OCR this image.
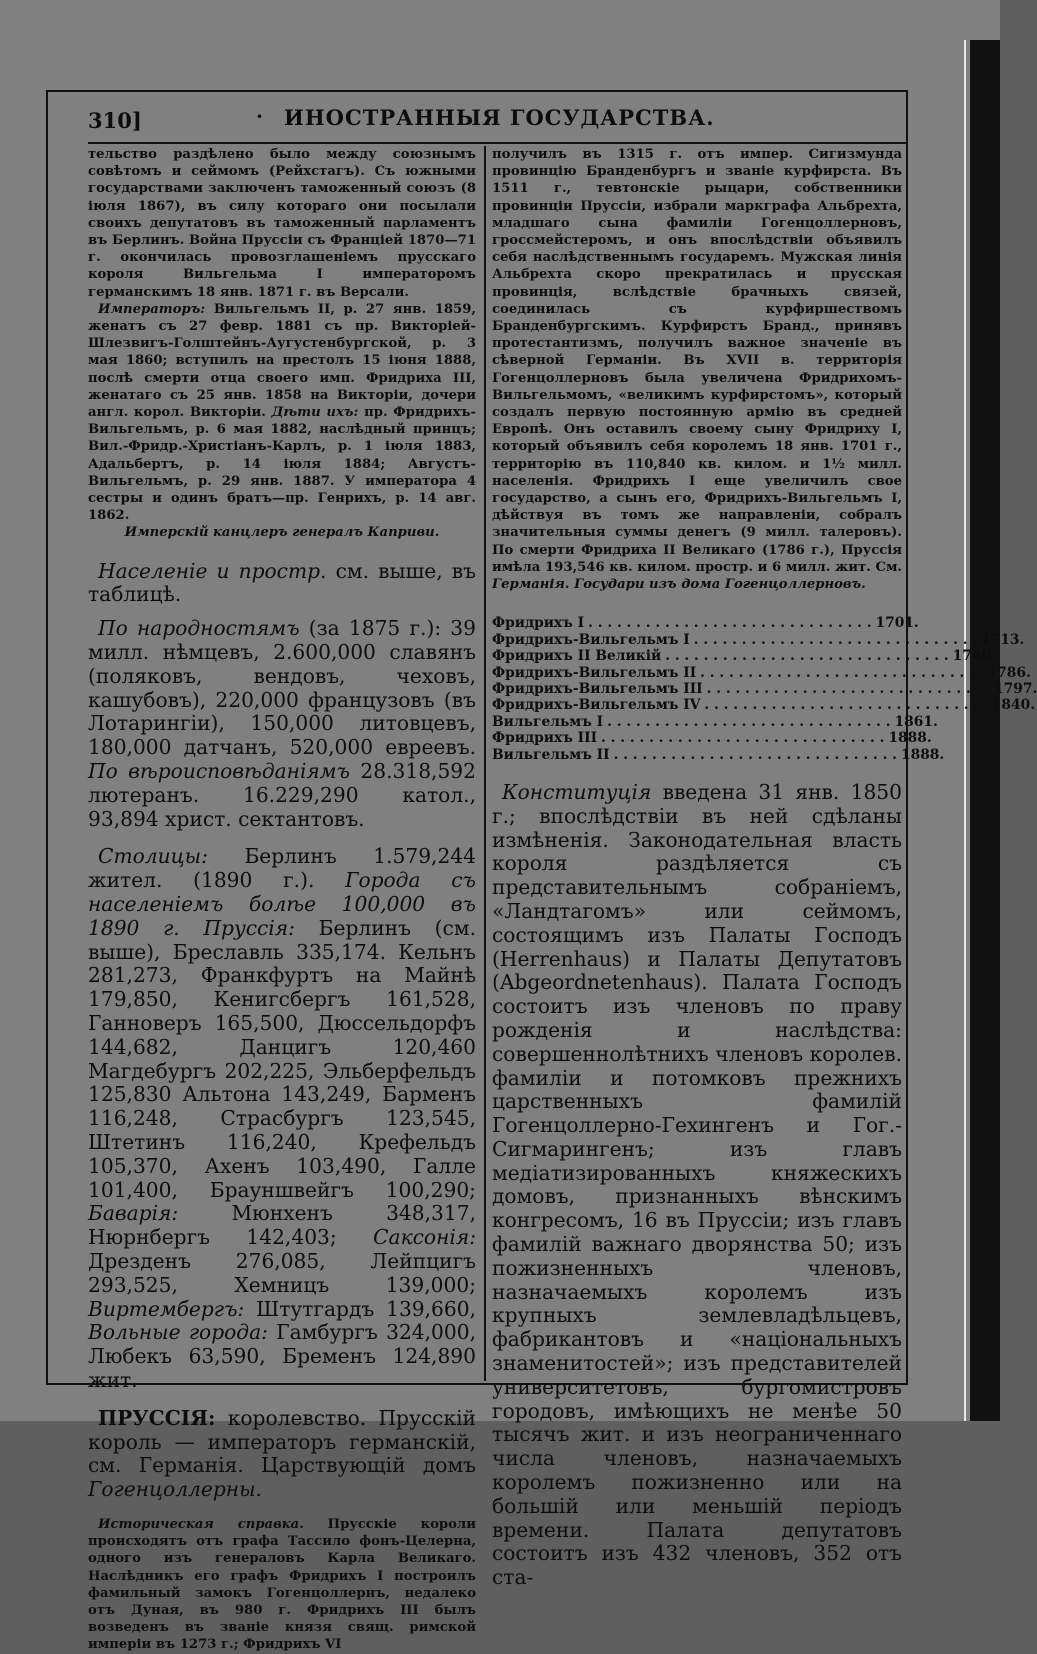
310]	· ИНОСТРАННЫЯ ГОСУДАРСТВА.

тельство раздѣлено было между союзнымъ совѣтомъ и сеймомъ (Рейхстагъ). Съ южными государствами заключенъ таможенный союзъ (8 іюля 1867), въ силу котораго они посылали своихъ депутатовъ въ таможенный парламентъ въ Берлинъ. Война Пруссіи съ Франціей 1870—71 г. окончилась провозглашеніемъ прусскаго короля Вильгельма I императоромъ германскимъ 18 янв. 1871 г. въ Версали.

Императоръ: Вильгельмъ II, р. 27 янв. 1859, женатъ съ 27 февр. 1881 съ пр. Викторіей-Шлезвигъ-Голштейнъ-Аугустенбургской, р. 3 мая 1860; вступилъ на престолъ 15 іюня 1888, послѣ смерти отца своего имп. Фридриха III, женатаго съ 25 янв. 1858 на Викторіи, дочери англ. корол. Викторіи. Дѣти ихъ: пр. Фридрихъ-Вильгельмъ, р. 6 мая 1882, наслѣдный принцъ; Вил.-Фридр.-Христіанъ-Карлъ, р. 1 іюля 1883, Адальбертъ, р. 14 іюля 1884; Августъ-Вильгельмъ, р. 29 янв. 1887. У императора 4 сестры и одинъ братъ—пр. Генрихъ, р. 14 авг. 1862.

Имперскій канцлеръ генералъ Каприви.

Населеніе и простр. см. выше, въ таблицѣ.

По народностямъ (за 1875 г.): 39 милл. нѣмцевъ, 2.600,000 славянъ (поляковъ, вендовъ, чеховъ, кашубовъ), 220,000 французовъ (въ Лотарингіи), 150,000 литовцевъ, 180,000 датчанъ, 520,000 евреевъ. По вѣроисповѣданіямъ 28.318,592 лютеранъ. 16.229,290 катол., 93,894 христ. сектантовъ.

Столицы: Берлинъ 1.579,244 жител. (1890 г.). Города съ населеніемъ болѣе 100,000 въ 1890 г. Пруссія: Берлинъ (см. выше), Бреславль 335,174. Кельнъ 281,273, Франкфуртъ на Майнѣ 179,850, Кенигсбергъ 161,528, Ганноверъ 165,500, Дюссельдорфъ 144,682, Данцигъ 120,460 Магдебургъ 202,225, Эльберфельдъ 125,830 Альтона 143,249, Барменъ 116,248, Страсбургъ 123,545, Штетинъ 116,240, Крефельдъ 105,370, Ахенъ 103,490, Галле 101,400, Брауншвейгъ 100,290; Баварія:	Мюнхенъ 348,317, Нюрнбергъ 142,403; Саксонія: Дрезденъ 276,085, Лейпцигъ 293,525, Хемницъ 139,000; Виртембергъ: Штутгардъ 139,660, Вольные города: Гамбургъ 324,000, Любекъ 63,590, Бременъ 124,890 жит.

ПРУССІЯ: королевство. Прусскій король — императоръ германскій, см. Германія. Царствующій домъ Гогенцоллерны.

Историческая справка. Прусскіе короли происходятъ отъ графа Тассило фонъ-Целерна, одного изъ генераловъ Карла Великаго. Наслѣдникъ его графъ Фридрихъ I построилъ фамильный замокъ Гогенцоллернъ, недалеко отъ Дуная, въ 980 г. Фридрихъ III былъ возведенъ въ званіе князя свящ. римской имперіи въ 1273 г.; Фридрихъ VI

получилъ въ 1315 г. отъ импер. Сигизмунда провинцію Бранденбургъ и званіе курфирста. Въ 1511 г., тевтонскіе рыцари, собственники провинціи Пруссіи, избрали маркграфа Альбрехта, младшаго сына фамиліи Гогенцоллерновъ, гроссмейстеромъ, и онъ впослѣдствіи объявилъ себя наслѣдственнымъ государемъ. Мужская линія Альбрехта скоро прекратилась и прусская провинція, вслѣдствіе брачныхъ связей, соединилась съ курфиршествомъ Бранденбургскимъ. Курфирстъ Бранд., принявъ протестантизмъ, получилъ важное значеніе въ сѣверной Германіи. Въ XVII в. территорія Гогенцоллерновъ была увеличена Фридрихомъ-Вильгельмомъ, «великимъ курфирстомъ», который создалъ первую постоянную армію въ средней Европѣ. Онъ оставилъ своему сыну Фридриху I, который объявилъ себя королемъ 18 янв. 1701 г., территорію въ 110,840 кв. килом. и 1½ милл. населенія. Фридрихъ I еще увеличилъ свое государство, а сынъ его, Фридрихъ-Вильгельмъ I, дѣйствуя въ томъ же направленіи, собралъ значительныя суммы денегъ (9 милл. талеровъ). По смерти Фридриха II Великаго (1786 г.), Пруссія имѣла 193,546 кв. килом. простр. и 6 милл. жит. См. Германія. Государи изъ дома Гогенцоллерновъ.

Фридрихъ I . . .	1701.
Фридрихъ-Вильгельмъ I . . .	1713.
Фридрихъ II Великій . . .	1740.
Фридрихъ-Вильгельмъ II . . .	1786.
Фридрихъ-Вильгельмъ III . . .	1797.
Фридрихъ-Вильгельмъ IV . . .	1840.
Вильгельмъ I . . .	1861.
Фридрихъ III . . .	1888.
Вильгельмъ II . . .	1888.

Конституція введена 31 янв. 1850 г.; впослѣдствіи въ ней сдѣланы измѣненія. Законодательная власть короля раздѣляется съ представительнымъ собраніемъ, «Ландтагомъ» или сеймомъ, состоящимъ изъ Палаты Господъ (Herrenhaus) и Палаты Депутатовъ (Abgeordnetenhaus). Палата Господъ состоитъ изъ членовъ по праву рожденія и наслѣдства: совершеннолѣтнихъ членовъ королев. фамиліи и потомковъ прежнихъ царственныхъ фамилій Гогенцоллерно-Гехингенъ и Гог.-Сигмарингенъ; изъ главъ медіатизированныхъ княжескихъ домовъ, признанныхъ вѣнскимъ конгресомъ, 16 въ Пруссіи; изъ главъ фамилій важнаго дворянства 50; изъ пожизненныхъ членовъ, назначаемыхъ королемъ изъ крупныхъ землевладѣльцевъ, фабрикантовъ и «національныхъ знаменитостей»; изъ представителей университетовъ, бургомистровъ городовъ, имѣющихъ не менѣе 50 тысячъ жит. и изъ неограниченнаго числа членовъ, назначаемыхъ королемъ пожизненно или на большій или меньшій періодъ времени. Палата депутатовъ состоитъ изъ 432 членовъ, 352 отъ ста-
